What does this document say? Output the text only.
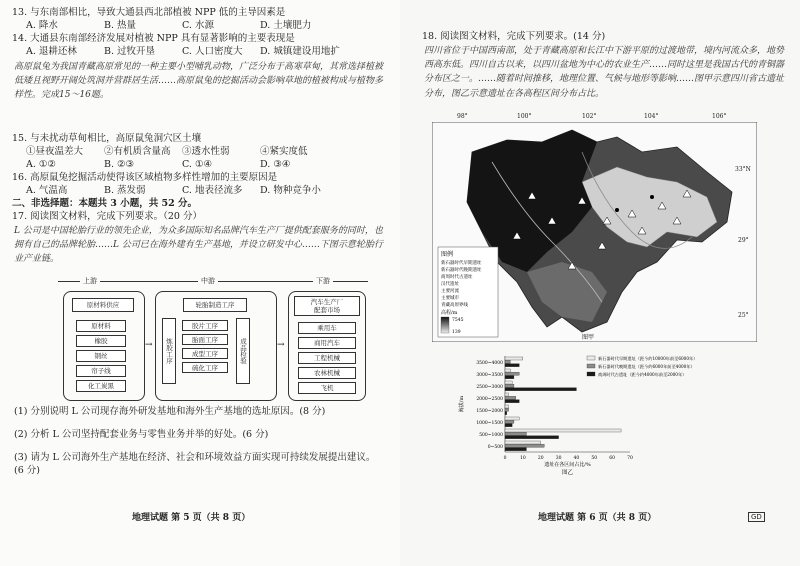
13. 与东南部相比，导致大通县西北部植被 NPP 低的主导因素是
A. 降水	B. 热量	C. 水源	D. 土壤肥力
14. 大通县东南部经济发展对植被 NPP 具有显著影响的主要表现是
A. 退耕还林	B. 过牧开垦	C. 人口密度大 D. 城镇建设用地扩
高原鼠兔为我国青藏高原常见的一种主要小型哺乳动物，广泛分布于高寒草甸，其常选择植被低矮且视野开阔处筑洞并营群居生活……高原鼠兔的挖掘活动会影响草地的植被构成与植物多样性。完成15～16题。
15. 与未扰动草甸相比，高原鼠兔洞穴区土壤
①昼夜温差大 ②有机质含量高 ③透水性弱	④紧实度低
A. ①②	B. ②③	C. ①④	D. ③④
16. 高原鼠兔挖掘活动使得该区域植物多样性增加的主要原因是
A. 气温高	B. 蒸发弱	C. 地表径流多 D. 物种竞争小
二、非选择题：本题共 3 小题，共 52 分。
17. 阅读图文材料，完成下列要求。（20 分）
L 公司是中国轮胎行业的领先企业，为众多国际知名品牌汽车生产厂提供配套服务的同时，也拥有自己的品牌轮胎……L 公司已在海外建有生产基地，并设立研发中心……下图示意轮胎行业产业链。
上游	中游	下游
原材料供应
原材料
橡胶
钢丝
帘子线
化工炭黑
→
轮胎制造工序
炼胶工序
胶片工序
胎面工序
成型工序
硫化工序
成品检验	→
汽车生产厂
配套市场
乘用车
商用汽车
工程机械
农林机械
飞机
(1) 分别说明 L 公司现存海外研发基地和海外生产基地的选址原因。(8 分)
(2) 分析 L 公司坚持配套业务与零售业务并举的好处。(6 分)
(3) 请为 L 公司海外生产基地在经济、社会和环境效益方面实现可持续发展提出建议。
(6 分)
地理试题 第 5 页（共 8 页）
18. 阅读图文材料，完成下列要求。(14 分)
四川省位于中国西南部，处于青藏高原和长江中下游平原的过渡地带，境内河流众多，地势西高东低。四川自古以来，以四川盆地为中心的农业生产……同时这里是我国古代的青铜器分布区之一。……随着时间推移，地理位置、气候与地形等影响……图甲示意四川省古遗址分布，图乙示意遗址在各高程区间分布占比。
图例
新石器时代早期遗址
新石器时代晚期遗址
商周时代古遗址
汉代遗址
主要河流
主要城市
青藏高原界线
高程/m
7545
139
图甲
98°	100°	102°	104°	106°
33°N
29°
25°
0~500
500~1000
1000~1500
1500~2000
2000~2500
2500~3000
3000~3500
3500~4000
0	10	20	30	40	50	60	70
遗址在各区间占比/%
海拔/m
图乙
新石器时代早期遗址（距今约10000年前至6000年）
新石器时代晚期遗址（距今约6000年前至4000年）
商周时代古遗址（距今约4000年前至2000年）
地理试题 第 6 页（共 8 页）	GD
